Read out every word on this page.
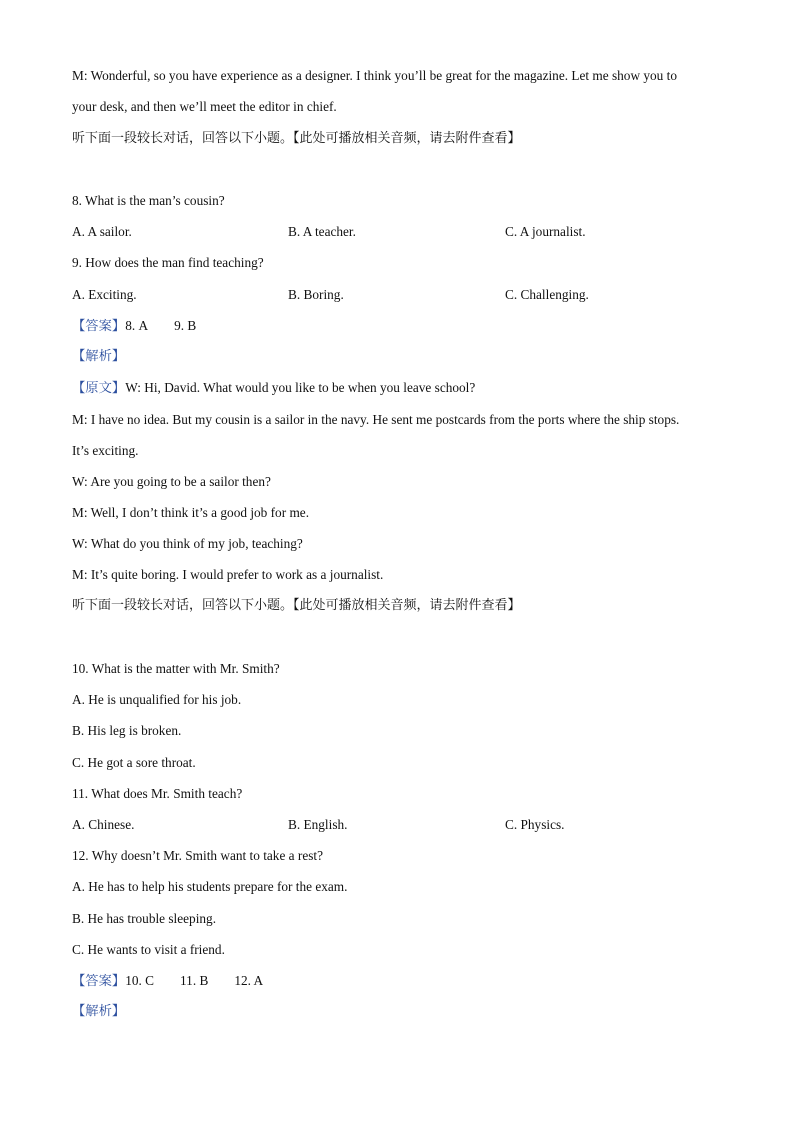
M: Wonderful, so you have experience as a designer. I think you’ll be great for the magazine. Let me show you to
your desk, and then we’ll meet the editor in chief.
听下面一段较长对话，回答以下小题。【此处可播放相关音频，请去附件查看】
8. What is the man’s cousin?
A. A sailor.	B. A teacher.	C. A journalist.
9. How does the man find teaching?
A. Exciting.	B. Boring.	C. Challenging.
【答案】8. A 9. B
【解析】
【原文】W: Hi, David. What would you like to be when you leave school?
M: I have no idea. But my cousin is a sailor in the navy. He sent me postcards from the ports where the ship stops.
It’s exciting.
W: Are you going to be a sailor then?
M: Well, I don’t think it’s a good job for me.
W: What do you think of my job, teaching?
M: It’s quite boring. I would prefer to work as a journalist.
听下面一段较长对话，回答以下小题。【此处可播放相关音频，请去附件查看】
10. What is the matter with Mr. Smith?
A. He is unqualified for his job.
B. His leg is broken.
C. He got a sore throat.
11. What does Mr. Smith teach?
A. Chinese.	B. English.	C. Physics.
12. Why doesn’t Mr. Smith want to take a rest?
A. He has to help his students prepare for the exam.
B. He has trouble sleeping.
C. He wants to visit a friend.
【答案】10. C 11. B 12. A
【解析】
